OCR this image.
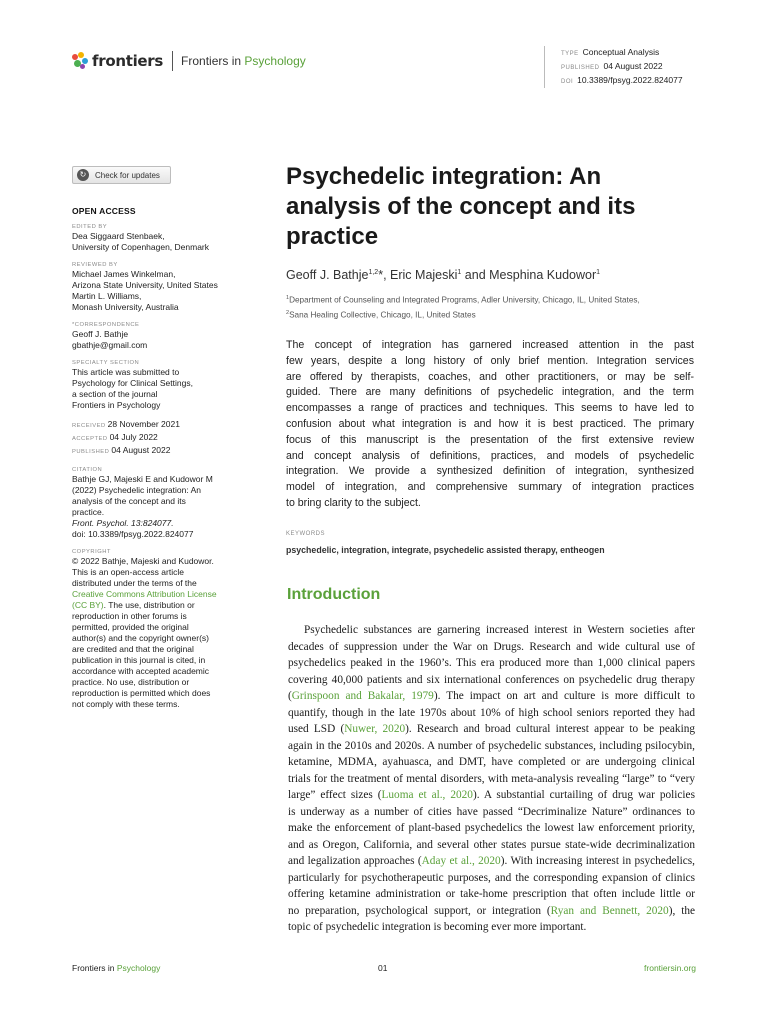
frontiers Frontiers in Psychology	TYPE Conceptual Analysis
PUBLISHED 04 August 2022
DOI 10.3389/fpsyg.2022.824077
↻	Check for updates
OPEN ACCESS
EDITED BY
Dea Siggaard Stenbaek,
University of Copenhagen, Denmark
REVIEWED BY
Michael James Winkelman,
Arizona State University, United States
Martin L. Williams,
Monash University, Australia
*CORRESPONDENCE
Geoff J. Bathje
gbathje@gmail.com
SPECIALTY SECTION
This article was submitted to
Psychology for Clinical Settings,
a section of the journal
Frontiers in Psychology
RECEIVED 28 November 2021
ACCEPTED 04 July 2022
PUBLISHED 04 August 2022
CITATION
Bathje GJ, Majeski E and Kudowor M
(2022) Psychedelic integration: An
analysis of the concept and its
practice.
Front. Psychol. 13:824077.
doi: 10.3389/fpsyg.2022.824077
COPYRIGHT
© 2022 Bathje, Majeski and Kudowor.
This is an open-access article
distributed under the terms of the
Creative Commons Attribution License
(CC BY). The use, distribution or
reproduction in other forums is
permitted, provided the original
author(s) and the copyright owner(s)
are credited and that the original
publication in this journal is cited, in
accordance with accepted academic
practice. No use, distribution or
reproduction is permitted which does
not comply with these terms.
Psychedelic integration: An
analysis of the concept and its
practice
Geoff J. Bathje$^{1,2}$*, Eric Majeski$^1$ and Mesphina Kudowor$^1$
$^1$Department of Counseling and Integrated Programs, Adler University, Chicago, IL, United States,
$^2$Sana Healing Collective, Chicago, IL, United States
The concept of integration has garnered increased attention in the past
few years, despite a long history of only brief mention. Integration services
are offered by therapists, coaches, and other practitioners, or may be self-
guided. There are many definitions of psychedelic integration, and the term
encompasses a range of practices and techniques. This seems to have led to
confusion about what integration is and how it is best practiced. The primary
focus of this manuscript is the presentation of the first extensive review
and concept analysis of definitions, practices, and models of psychedelic
integration. We provide a synthesized definition of integration, synthesized
model of integration, and comprehensive summary of integration practices
to bring clarity to the subject.
KEYWORDS
psychedelic, integration, integrate, psychedelic assisted therapy, entheogen
Introduction
Psychedelic substances are garnering increased interest in Western societies after
decades of suppression under the War on Drugs. Research and wide cultural use of
psychedelics peaked in the 1960’s. This era produced more than 1,000 clinical papers
covering 40,000 patients and six international conferences on psychedelic drug therapy
(Grinspoon and Bakalar, 1979). The impact on art and culture is more difficult to
quantify, though in the late 1970s about 10% of high school seniors reported they had
used LSD (Nuwer, 2020). Research and broad cultural interest appear to be peaking
again in the 2010s and 2020s. A number of psychedelic substances, including psilocybin,
ketamine, MDMA, ayahuasca, and DMT, have completed or are undergoing clinical
trials for the treatment of mental disorders, with meta-analysis revealing “large” to “very
large” effect sizes (Luoma et al., 2020). A substantial curtailing of drug war policies
is underway as a number of cities have passed “Decriminalize Nature” ordinances to
make the enforcement of plant-based psychedelics the lowest law enforcement priority,
and as Oregon, California, and several other states pursue state-wide decriminalization
and legalization approaches (Aday et al., 2020). With increasing interest in psychedelics,
particularly for psychotherapeutic purposes, and the corresponding expansion of clinics
offering ketamine administration or take-home prescription that often include little or
no preparation, psychological support, or integration (Ryan and Bennett, 2020), the
topic of psychedelic integration is becoming ever more important.
Frontiers in Psychology	01	frontiersin.org
